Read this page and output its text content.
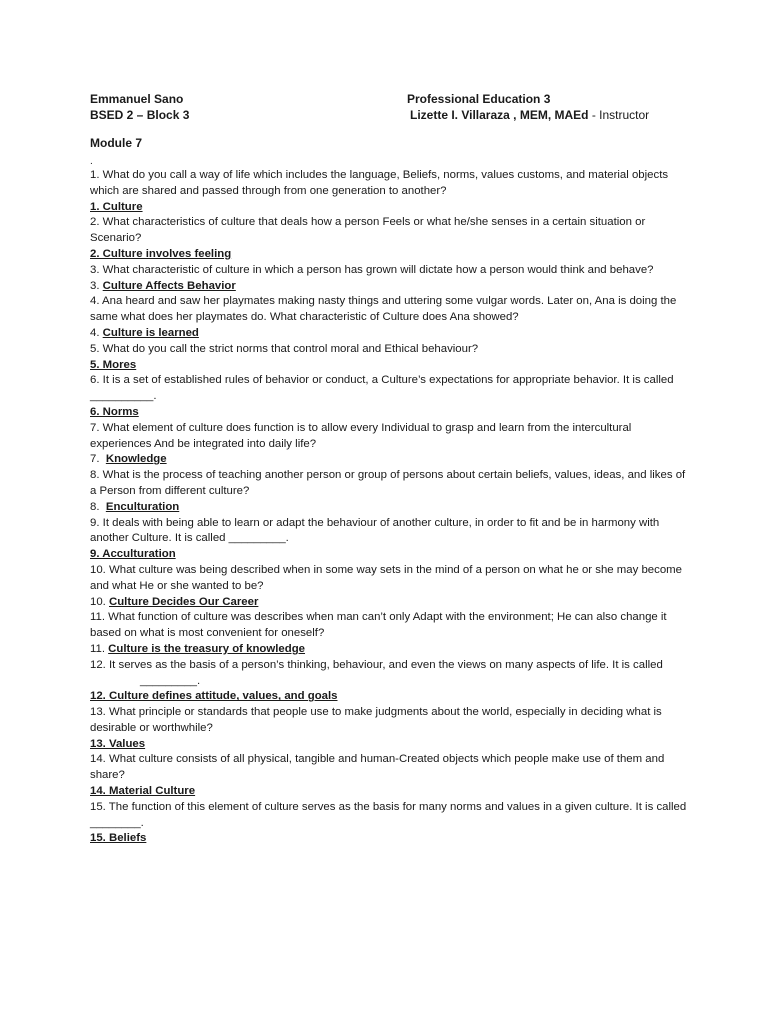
Emmanuel Sano	Professional Education 3
BSED 2 – Block 3	Lizette I. Villaraza , MEM, MAEd - Instructor
Module 7
.

1. What do you call a way of life which includes the language, Beliefs, norms, values customs, and material objects which are shared and passed through from one generation to another?

1. Culture

2. What characteristics of culture that deals how a person Feels or what he/she senses in a certain situation or Scenario?

2. Culture involves feeling

3. What characteristic of culture in which a person has grown will dictate how a person would think and behave?

3. Culture Affects Behavior

4. Ana heard and saw her playmates making nasty things and uttering some vulgar words. Later on, Ana is doing the same what does her playmates do. What characteristic of Culture does Ana showed?

4. Culture is learned

5. What do you call the strict norms that control moral and Ethical behaviour?

5. Mores

6. It is a set of established rules of behavior or conduct, a Culture’s expectations for appropriate behavior. It is called __________.

6. Norms

7. What element of culture does function is to allow every Individual to grasp and learn from the intercultural experiences And be integrated into daily life?

7.  Knowledge

8. What is the process of teaching another person or group of persons about certain beliefs, values, ideas, and likes of a Person from different culture?

8.  Enculturation

9. It deals with being able to learn or adapt the behaviour of another culture, in order to fit and be in harmony with another Culture. It is called _________.

9. Acculturation

10. What culture was being described when in some way sets in the mind of a person on what he or she may become and what He or she wanted to be?

10. Culture Decides Our Career

11. What function of culture was describes when man can’t only Adapt with the environment; He can also change it based on what is most convenient for oneself?

11. Culture is the treasury of knowledge

12. It serves as the basis of a person’s thinking, behaviour, and even the views on many aspects of life. It is called

_________.

12. Culture defines attitude, values, and goals

13. What principle or standards that people use to make judgments about the world, especially in deciding what is desirable or worthwhile?

13. Values

14. What culture consists of all physical, tangible and human-Created objects which people make use of them and share?

14. Material Culture

15. The function of this element of culture serves as the basis for many norms and values in a given culture. It is called ________.

15. Beliefs
